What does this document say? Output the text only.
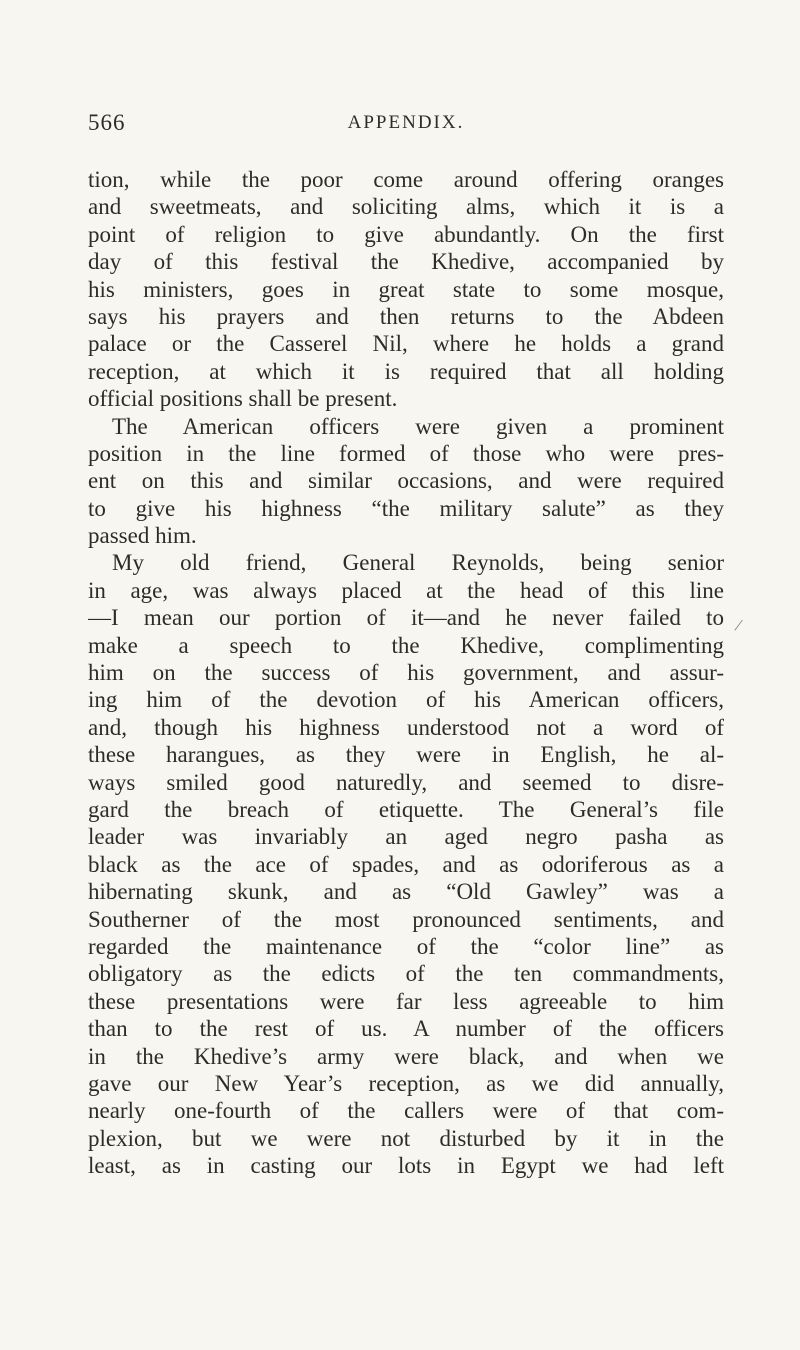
566	APPENDIX.
tion, while the poor come around offering oranges
and sweetmeats, and soliciting alms, which it is a
point of religion to give abundantly. On the first
day of this festival the Khedive, accompanied by
his ministers, goes in great state to some mosque,
says his prayers and then returns to the Abdeen
palace or the Casserel Nil, where he holds a grand
reception, at which it is required that all holding
official positions shall be present.
The American officers were given a prominent
position in the line formed of those who were pres-
ent on this and similar occasions, and were required
to give his highness “the military salute” as they
passed him.
My old friend, General Reynolds, being senior
in age, was always placed at the head of this line
—I mean our portion of it—and he never failed to
make a speech to the Khedive, complimenting
him on the success of his government, and assur-
ing him of the devotion of his American officers,
and, though his highness understood not a word of
these harangues, as they were in English, he al-
ways smiled good naturedly, and seemed to disre-
gard the breach of etiquette. The General’s file
leader was invariably an aged negro pasha as
black as the ace of spades, and as odoriferous as a
hibernating skunk, and as “Old Gawley” was a
Southerner of the most pronounced sentiments, and
regarded the maintenance of the “color line” as
obligatory as the edicts of the ten commandments,
these presentations were far less agreeable to him
than to the rest of us. A number of the officers
in the Khedive’s army were black, and when we
gave our New Year’s reception, as we did annually,
nearly one-fourth of the callers were of that com-
plexion, but we were not disturbed by it in the
least, as in casting our lots in Egypt we had left
/
